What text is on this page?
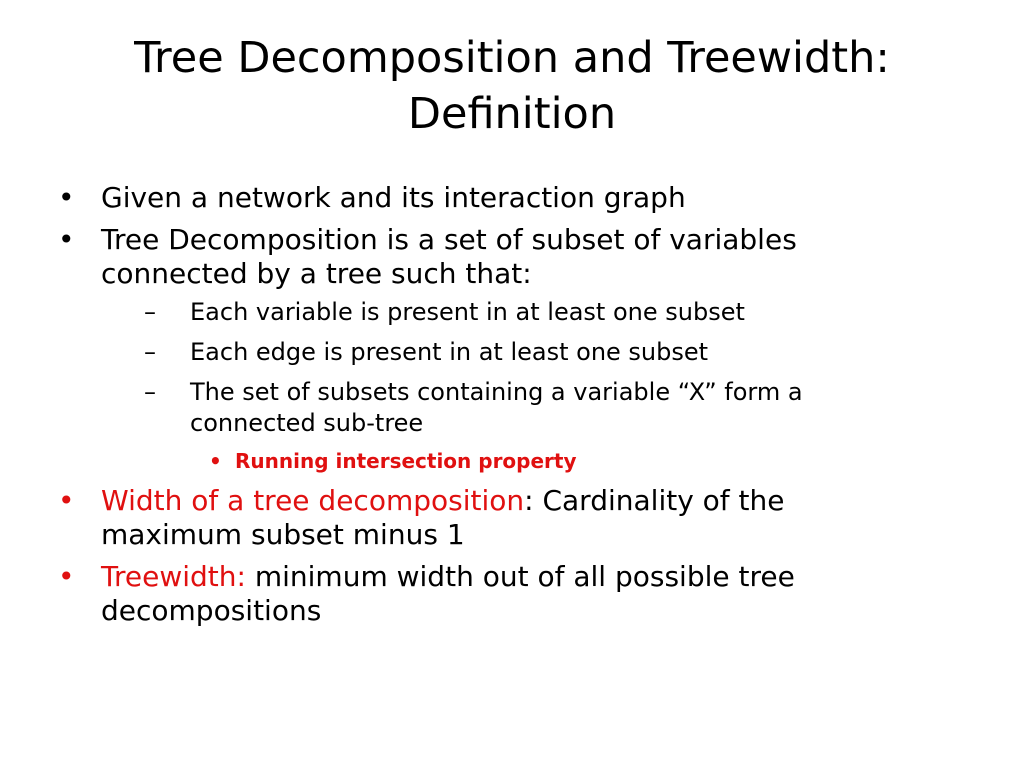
Tree Decomposition and Treewidth:
Definition
• Given a network and its interaction graph
• Tree Decomposition is a set of subset of variables
connected by a tree such that:
– Each variable is present in at least one subset
– Each edge is present in at least one subset
– The set of subsets containing a variable “X” form a
connected sub-tree
• Running intersection property
• Width of a tree decomposition: Cardinality of the
maximum subset minus 1
• Treewidth: minimum width out of all possible tree
decompositions
